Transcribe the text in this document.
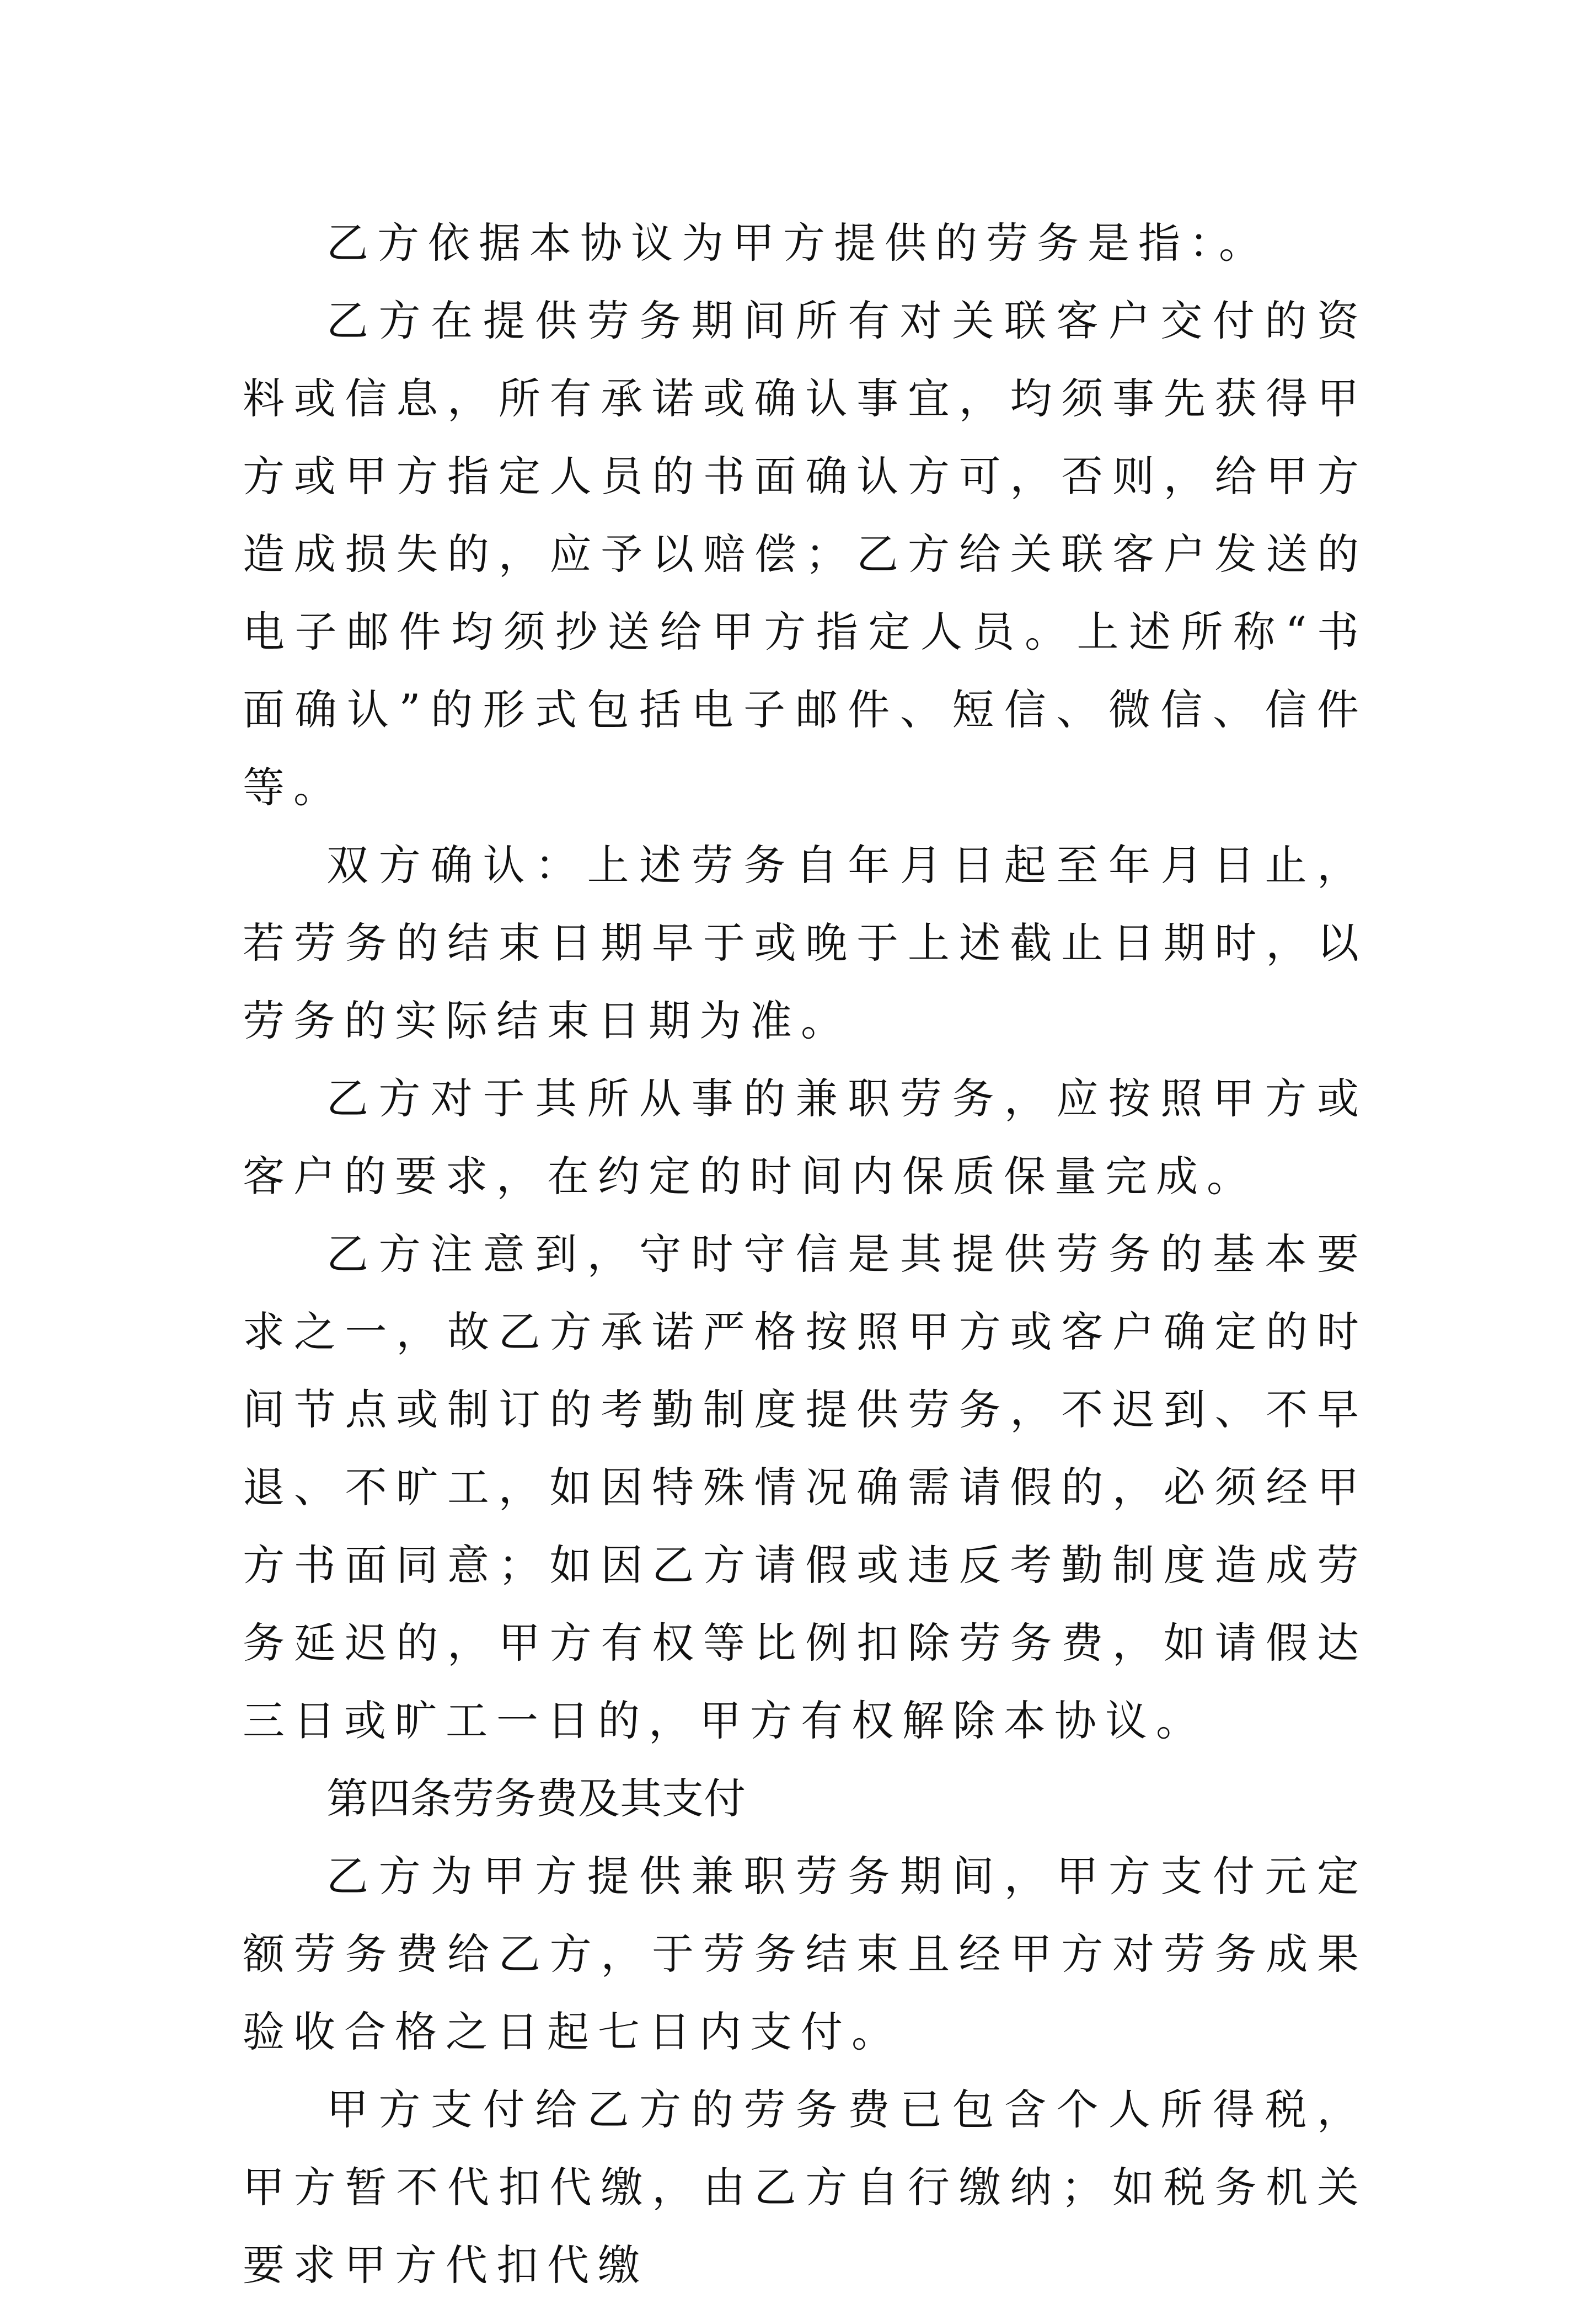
乙方依据本协议为甲方提供的劳务是指：。

乙方在提供劳务期间所有对关联客户交付的资料或信息，所有承诺或确认事宜，均须事先获得甲方或甲方指定人员的书面确认方可，否则，给甲方造成损失的，应予以赔偿；乙方给关联客户发送的电子邮件均须抄送给甲方指定人员。上述所称“书面确认”的形式包括电子邮件、短信、微信、信件等。

双方确认：上述劳务自年月日起至年月日止，若劳务的结束日期早于或晚于上述截止日期时，以劳务的实际结束日期为准。

乙方对于其所从事的兼职劳务，应按照甲方或客户的要求，在约定的时间内保质保量完成。

乙方注意到，守时守信是其提供劳务的基本要求之一，故乙方承诺严格按照甲方或客户确定的时间节点或制订的考勤制度提供劳务，不迟到、不早退、不旷工，如因特殊情况确需请假的，必须经甲方书面同意；如因乙方请假或违反考勤制度造成劳务延迟的，甲方有权等比例扣除劳务费，如请假达三日或旷工一日的，甲方有权解除本协议。

第四条劳务费及其支付

乙方为甲方提供兼职劳务期间，甲方支付元定额劳务费给乙方，于劳务结束且经甲方对劳务成果验收合格之日起七日内支付。

甲方支付给乙方的劳务费已包含个人所得税，甲方暂不代扣代缴，由乙方自行缴纳；如税务机关要求甲方代扣代缴
